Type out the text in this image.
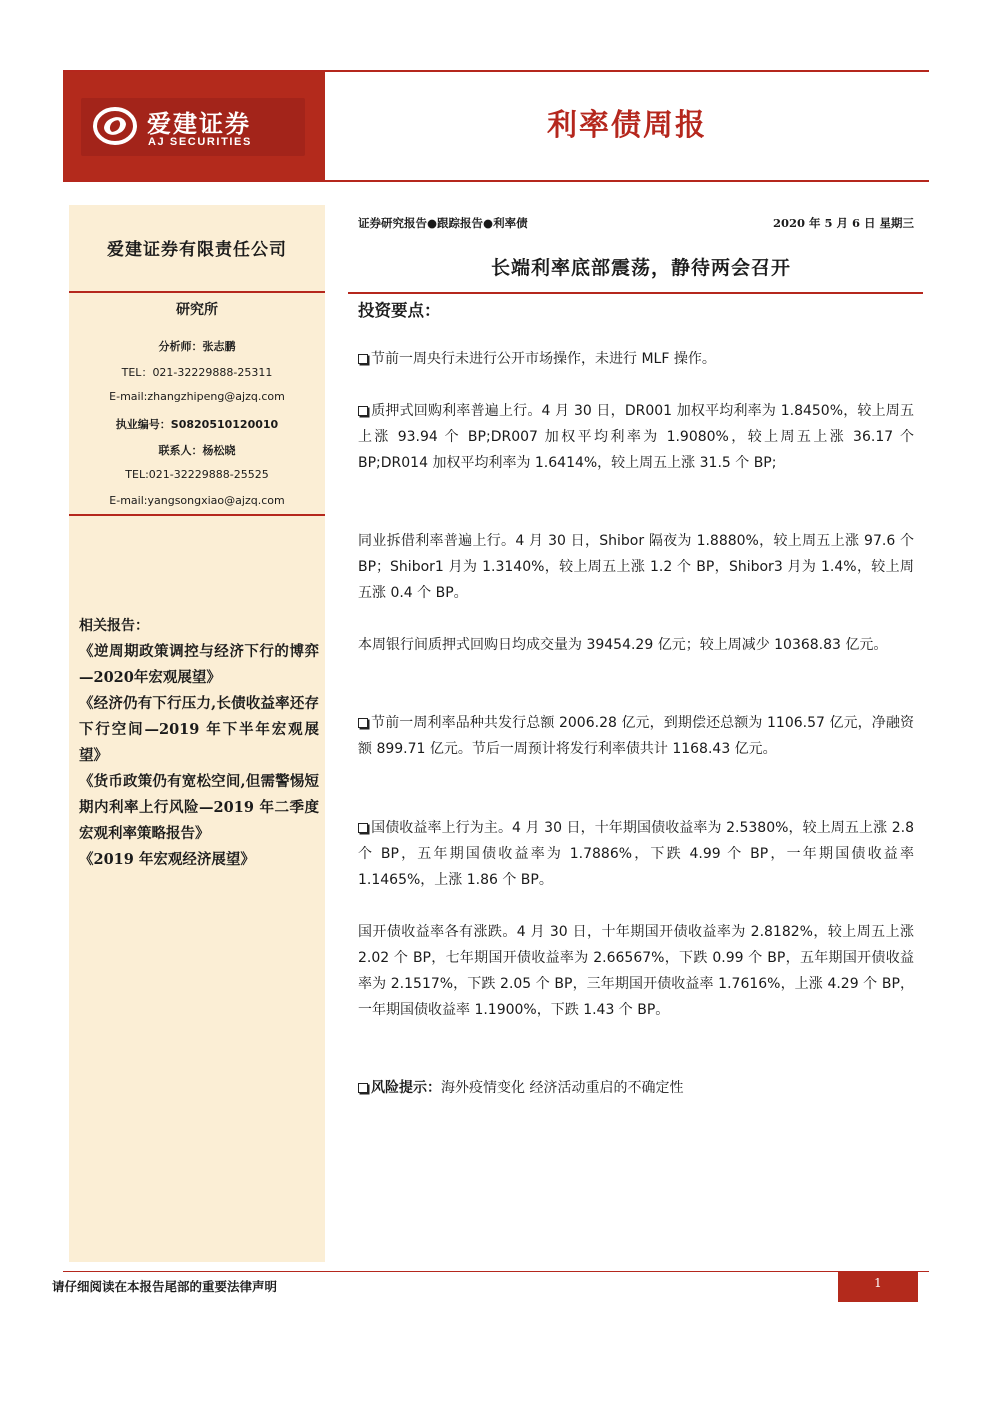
爱建证券
AJ SECURITIES	利率债周报
爱建证券有限责任公司
研究所
分析师：张志鹏
TEL：021-32229888-25311
E-mail:zhangzhipeng@ajzq.com
执业编号：S0820510120010
联系人：杨松晓
TEL:021-32229888-25525
E-mail:yangsongxiao@ajzq.com
相关报告：
《逆周期政策调控与经济下行的博弈—2020年宏观展望》
《经济仍有下行压力,长债收益率还存下行空间—2019 年下半年宏观展望》
《货币政策仍有宽松空间,但需警惕短期内利率上行风险—2019 年二季度宏观利率策略报告》
《2019 年宏观经济展望》
证券研究报告●跟踪报告●利率债	2020 年 5 月 6 日 星期三
长端利率底部震荡，静待两会召开
投资要点：
节前一周央行未进行公开市场操作，未进行 MLF 操作。
质押式回购利率普遍上行。4 月 30 日，DR001 加权平均利率为 1.8450%，较上周五上涨 93.94 个 BP;DR007 加权平均利率为 1.9080%，较上周五上涨 36.17 个 BP;DR014 加权平均利率为 1.6414%，较上周五上涨 31.5 个 BP;
同业拆借利率普遍上行。4 月 30 日，Shibor 隔夜为 1.8880%，较上周五上涨 97.6 个 BP；Shibor1 月为 1.3140%，较上周五上涨 1.2 个 BP，Shibor3 月为 1.4%，较上周五涨 0.4 个 BP。
本周银行间质押式回购日均成交量为 39454.29 亿元；较上周减少 10368.83 亿元。
节前一周利率品种共发行总额 2006.28 亿元，到期偿还总额为 1106.57 亿元，净融资额 899.71 亿元。节后一周预计将发行利率债共计 1168.43 亿元。
国债收益率上行为主。4 月 30 日，十年期国债收益率为 2.5380%，较上周五上涨 2.8 个 BP，五年期国债收益率为 1.7886%，下跌 4.99 个 BP，一年期国债收益率 1.1465%，上涨 1.86 个 BP。
国开债收益率各有涨跌。4 月 30 日，十年期国开债收益率为 2.8182%，较上周五上涨 2.02 个 BP，七年期国开债收益率为 2.66567%，下跌 0.99 个 BP，五年期国开债收益率为 2.1517%，下跌 2.05 个 BP，三年期国开债收益率 1.7616%，上涨 4.29 个 BP，一年期国债收益率 1.1900%，下跌 1.43 个 BP。
风险提示：海外疫情变化 经济活动重启的不确定性
请仔细阅读在本报告尾部的重要法律声明	1
